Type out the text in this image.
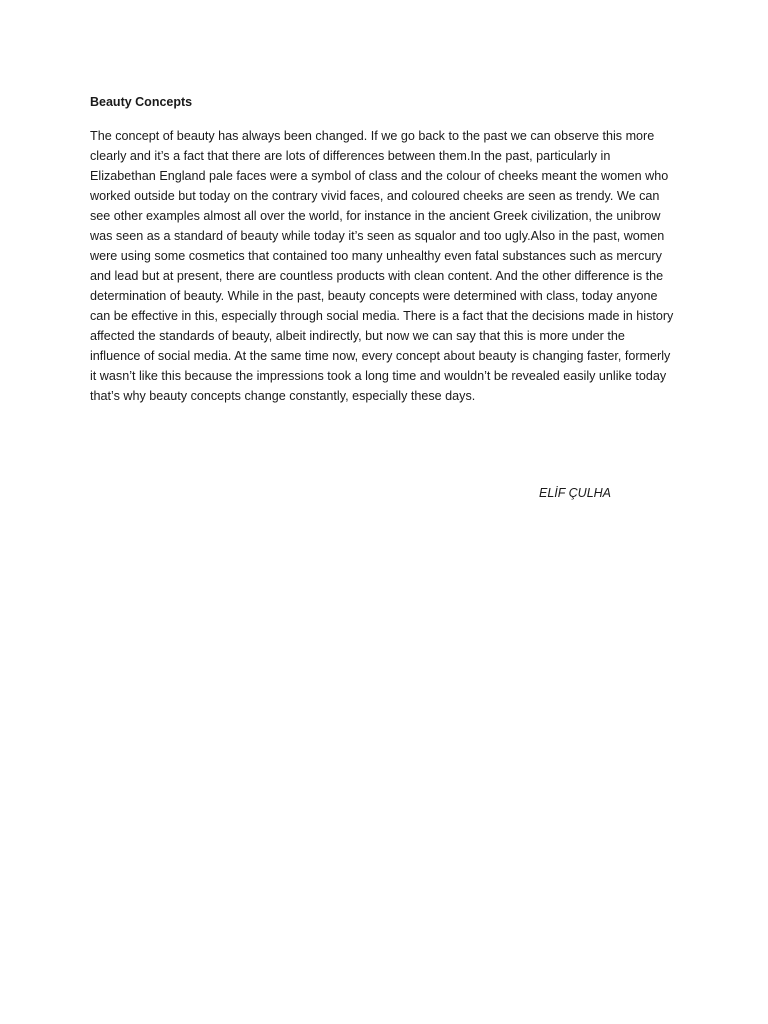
Beauty Concepts

The concept of beauty has always been changed. If we go back to the past we can observe this more
clearly and it’s a fact that there are lots of differences between them.In the past, particularly in
Elizabethan England pale faces were a symbol of class and the colour of cheeks meant the women who
worked outside but today on the contrary vivid faces, and coloured cheeks are seen as trendy. We can
see other examples almost all over the world, for instance in the ancient Greek civilization, the unibrow
was seen as a standard of beauty while today it’s seen as squalor and too ugly.Also in the past, women
were using some cosmetics that contained too many unhealthy even fatal substances such as mercury
and lead but at present, there are countless products with clean content. And the other difference is the
determination of beauty. While in the past, beauty concepts were determined with class, today anyone
can be effective in this, especially through social media. There is a fact that the decisions made in history
affected the standards of beauty, albeit indirectly, but now we can say that this is more under the
influence of social media. At the same time now, every concept about beauty is changing faster, formerly
it wasn’t like this because the impressions took a long time and wouldn’t be revealed easily unlike today
that’s why beauty concepts change constantly, especially these days.

ELİF ÇULHA
